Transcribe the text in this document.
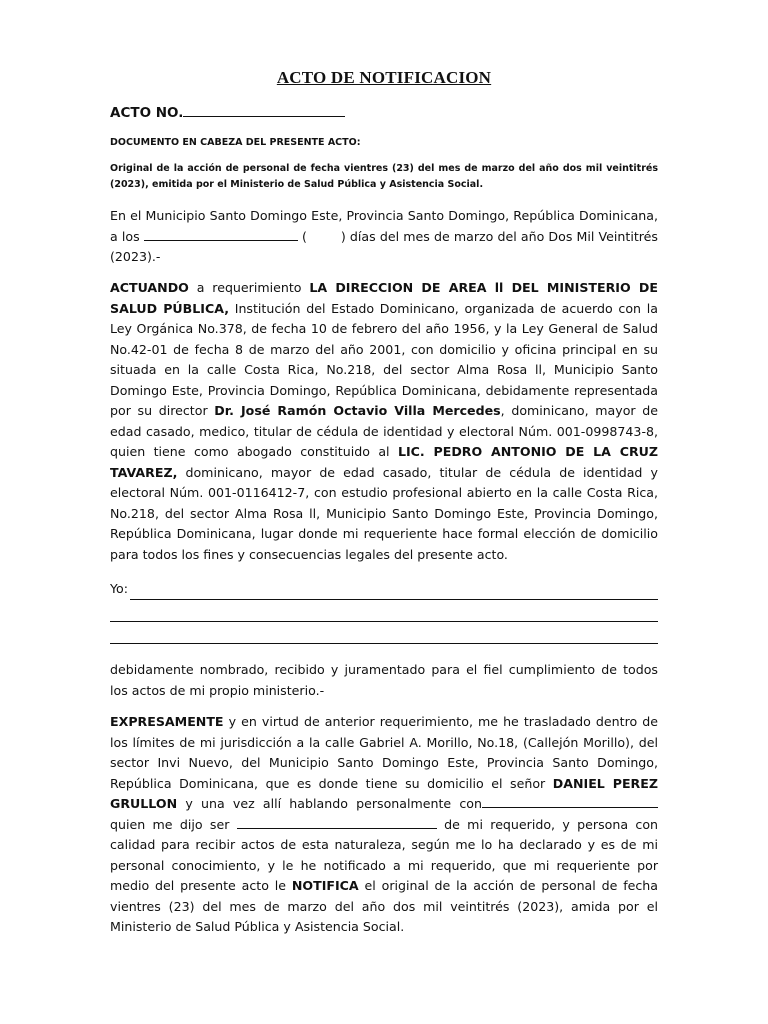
ACTO DE NOTIFICACION
ACTO NO.
DOCUMENTO EN CABEZA DEL PRESENTE ACTO:
Original de la acción de personal de fecha vientres (23) del mes de marzo del año dos mil veintitrés (2023), emitida por el Ministerio de Salud Pública y Asistencia Social.
En el Municipio Santo Domingo Este, Provincia Santo Domingo, República Dominicana, a los	(	) días del mes de marzo del año Dos Mil Veintitrés (2023).-
ACTUANDO a requerimiento LA DIRECCION DE AREA ll DEL MINISTERIO DE SALUD PÚBLICA, Institución del Estado Dominicano, organizada de acuerdo con la Ley Orgánica No.378, de fecha 10 de febrero del año 1956, y la Ley General de Salud No.42-01 de fecha 8 de marzo del año 2001, con domicilio y oficina principal en su situada en la calle Costa Rica, No.218, del sector Alma Rosa ll, Municipio Santo Domingo Este, Provincia Domingo, República Dominicana, debidamente representada por su director Dr. José Ramón Octavio Villa Mercedes, dominicano, mayor de edad casado, medico, titular de cédula de identidad y electoral Núm. 001-0998743-8, quien tiene como abogado constituido al LIC. PEDRO ANTONIO DE LA CRUZ TAVAREZ, dominicano, mayor de edad casado, titular de cédula de identidad y electoral Núm. 001-0116412-7, con estudio profesional abierto en la calle Costa Rica, No.218, del sector Alma Rosa ll, Municipio Santo Domingo Este, Provincia Domingo, República Dominicana, lugar donde mi requeriente hace formal elección de domicilio para todos los fines y consecuencias legales del presente acto.
Yo:
debidamente nombrado, recibido y juramentado para el fiel cumplimiento de todos los actos de mi propio ministerio.-
EXPRESAMENTE y en virtud de anterior requerimiento, me he trasladado dentro de los límites de mi jurisdicción a la calle Gabriel A. Morillo, No.18, (Callejón Morillo), del sector Invi Nuevo, del Municipio Santo Domingo Este, Provincia Santo Domingo, República Dominicana, que es donde tiene su domicilio el señor DANIEL PEREZ GRULLON y una vez allí hablando personalmente con quien me dijo ser	de mi requerido, y persona con calidad para recibir actos de esta naturaleza, según me lo ha declarado y es de mi personal conocimiento, y le he notificado a mi requerido, que mi requeriente por medio del presente acto le NOTIFICA el original de la acción de personal de fecha vientres (23) del mes de marzo del año dos mil veintitrés (2023), amida por el Ministerio de Salud Pública y Asistencia Social.
